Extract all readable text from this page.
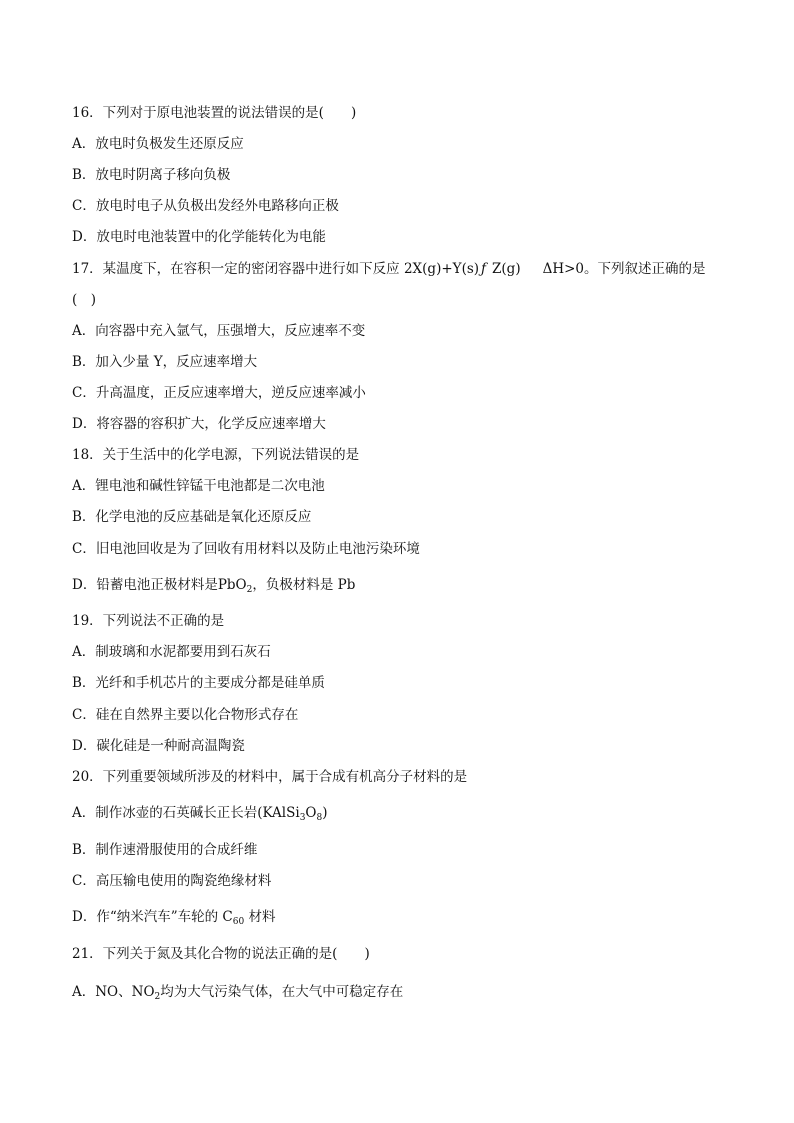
16．下列对于原电池装置的说法错误的是(　　)
A．放电时负极发生还原反应
B．放电时阴离子移向负极
C．放电时电子从负极出发经外电路移向正极
D．放电时电池装置中的化学能转化为电能
17．某温度下，在容积一定的密闭容器中进行如下反应 2X(g)+Y(s) ƒ Z(g) ΔH>0。下列叙述正确的是
(　)
A．向容器中充入氩气，压强增大，反应速率不变
B．加入少量 Y，反应速率增大
C．升高温度，正反应速率增大，逆反应速率减小
D．将容器的容积扩大，化学反应速率增大
18．关于生活中的化学电源，下列说法错误的是
A．锂电池和碱性锌锰干电池都是二次电池
B．化学电池的反应基础是氧化还原反应
C．旧电池回收是为了回收有用材料以及防止电池污染环境
D．铅蓄电池正极材料是PbO$_2$，负极材料是 Pb
19．下列说法不正确的是
A．制玻璃和水泥都要用到石灰石
B．光纤和手机芯片的主要成分都是硅单质
C．硅在自然界主要以化合物形式存在
D．碳化硅是一种耐高温陶瓷
20．下列重要领域所涉及的材料中，属于合成有机高分子材料的是
A．制作冰壶的石英碱长正长岩$(KAlSi_3O_8)$
B．制作速滑服使用的合成纤维
C．高压输电使用的陶瓷绝缘材料
D．作“纳米汽车”车轮的 $C_{60}$ 材料
21．下列关于氮及其化合物的说法正确的是(　　)
A．NO、$NO_2$均为大气污染气体，在大气中可稳定存在
